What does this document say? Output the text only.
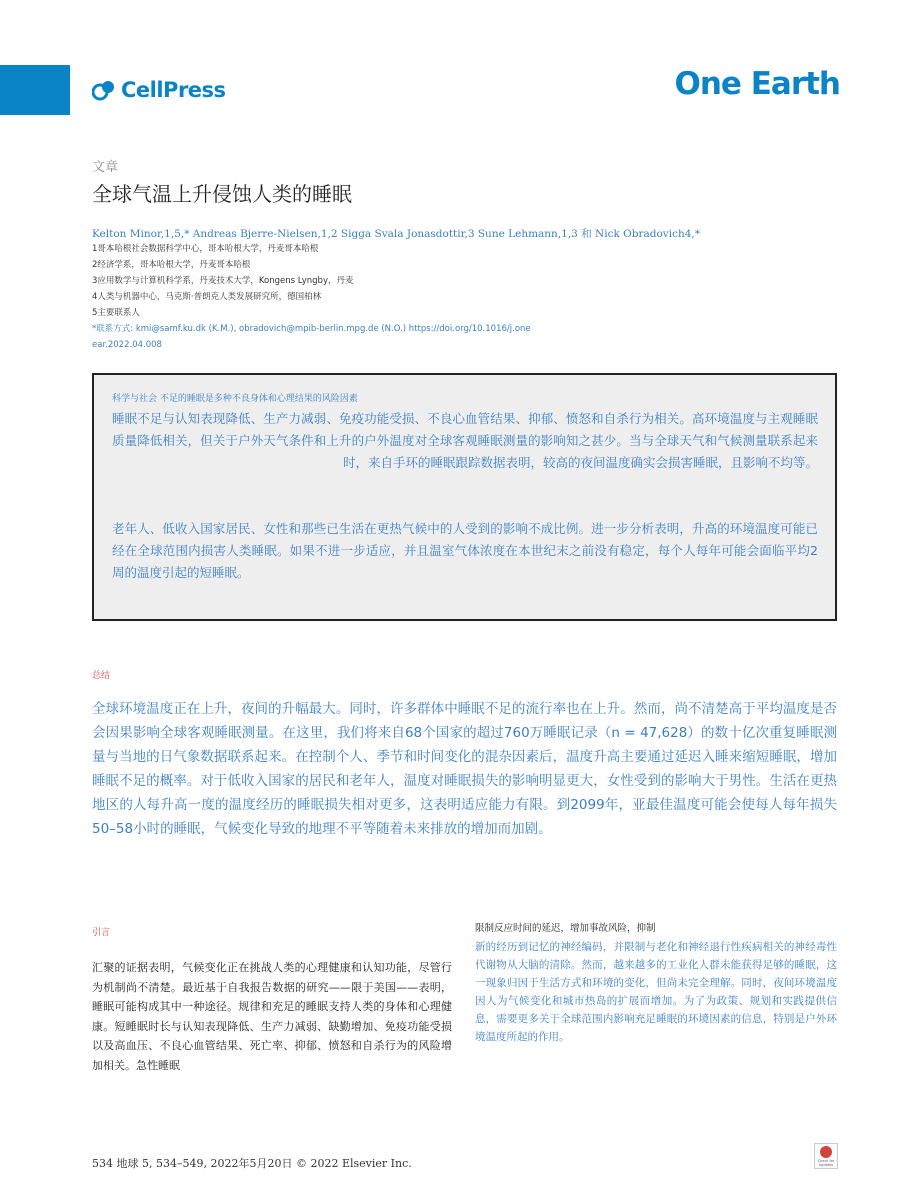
CellPress	One Earth
文章
全球气温上升侵蚀人类的睡眠
Kelton Minor,1,5,* Andreas Bjerre-Nielsen,1,2 Sigga Svala Jonasdottir,3 Sune Lehmann,1,3 和 Nick Obradovich4,*
1哥本哈根社会数据科学中心，哥本哈根大学，丹麦哥本哈根
2经济学系，哥本哈根大学，丹麦哥本哈根
3应用数学与计算机科学系，丹麦技术大学，Kongens Lyngby，丹麦
4人类与机器中心，马克斯·普朗克人类发展研究所，德国柏林
5主要联系人
*联系方式: kmi@samf.ku.dk (K.M.), obradovich@mpib-berlin.mpg.de (N.O.) https://doi.org/10.1016/j.one
ear.2022.04.008
科学与社会 不足的睡眠是多种不良身体和心理结果的风险因素
睡眠不足与认知表现降低、生产力减弱、免疫功能受损、不良心血管结果、抑郁、愤怒和自杀行为相关。高环境温度与主观睡眠质量降低相关，但关于户外天气条件和上升的户外温度对全球客观睡眠测量的影响知之甚少。当与全球天气和气候测量联系起来时，来自手环的睡眠跟踪数据表明，较高的夜间温度确实会损害睡眠，且影响不均等。
老年人、低收入国家居民、女性和那些已生活在更热气候中的人受到的影响不成比例。进一步分析表明，升高的环境温度可能已经在全球范围内损害人类睡眠。如果不进一步适应，并且温室气体浓度在本世纪末之前没有稳定，每个人每年可能会面临平均2周的温度引起的短睡眠。
总结
全球环境温度正在上升，夜间的升幅最大。同时，许多群体中睡眠不足的流行率也在上升。然而，尚不清楚高于平均温度是否会因果影响全球客观睡眠测量。在这里，我们将来自68个国家的超过760万睡眠记录（n = 47,628）的数十亿次重复睡眠测量与当地的日气象数据联系起来。在控制个人、季节和时间变化的混杂因素后，温度升高主要通过延迟入睡来缩短睡眠，增加睡眠不足的概率。对于低收入国家的居民和老年人，温度对睡眠损失的影响明显更大，女性受到的影响大于男性。生活在更热地区的人每升高一度的温度经历的睡眠损失相对更多，这表明适应能力有限。到2099年，亚最佳温度可能会使每人每年损失50–58小时的睡眠，气候变化导致的地理不平等随着未来排放的增加而加剧。
引言
汇聚的证据表明，气候变化正在挑战人类的心理健康和认知功能，尽管行为机制尚不清楚。最近基于自我报告数据的研究——限于美国——表明，睡眠可能构成其中一种途径。规律和充足的睡眠支持人类的身体和心理健康。短睡眠时长与认知表现降低、生产力减弱、缺勤增加、免疫功能受损以及高血压、不良心血管结果、死亡率、抑郁、愤怒和自杀行为的风险增加相关。急性睡眠
限制反应时间的延迟，增加事故风险，抑制
新的经历到记忆的神经编码，并限制与老化和神经退行性疾病相关的神经毒性代谢物从大脑的清除。然而，越来越多的工业化人群未能获得足够的睡眠，这一现象归因于生活方式和环境的变化，但尚未完全理解。同时，夜间环境温度因人为气候变化和城市热岛的扩展而增加。为了为政策、规划和实践提供信息，需要更多关于全球范围内影响充足睡眠的环境因素的信息，特别是户外环境温度所起的作用。
534 地球 5, 534–549, 2022年5月20日 © 2022 Elsevier Inc.	Check for updates
